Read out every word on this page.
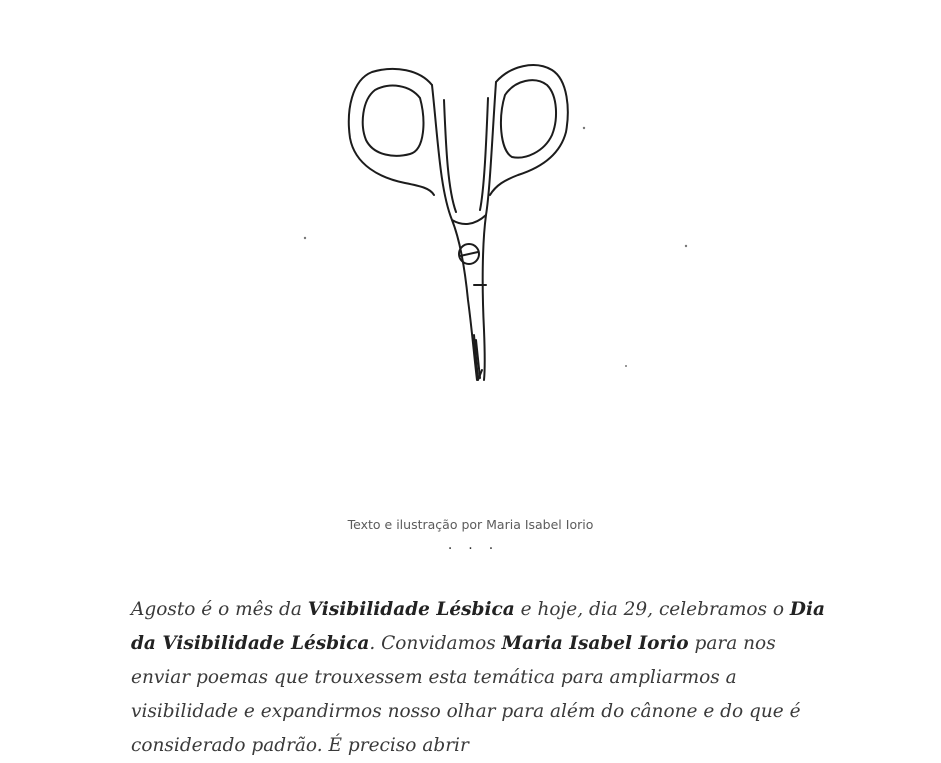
Texto e ilustração por Maria Isabel Iorio
...

Agosto é o mês da Visibilidade Lésbica e hoje, dia 29, celebramos o Dia da Visibilidade Lésbica. Convidamos Maria Isabel Iorio para nos enviar poemas que trouxessem esta temática para ampliarmos a visibilidade e expandirmos nosso olhar para além do cânone e do que é considerado padrão. É preciso abrir
